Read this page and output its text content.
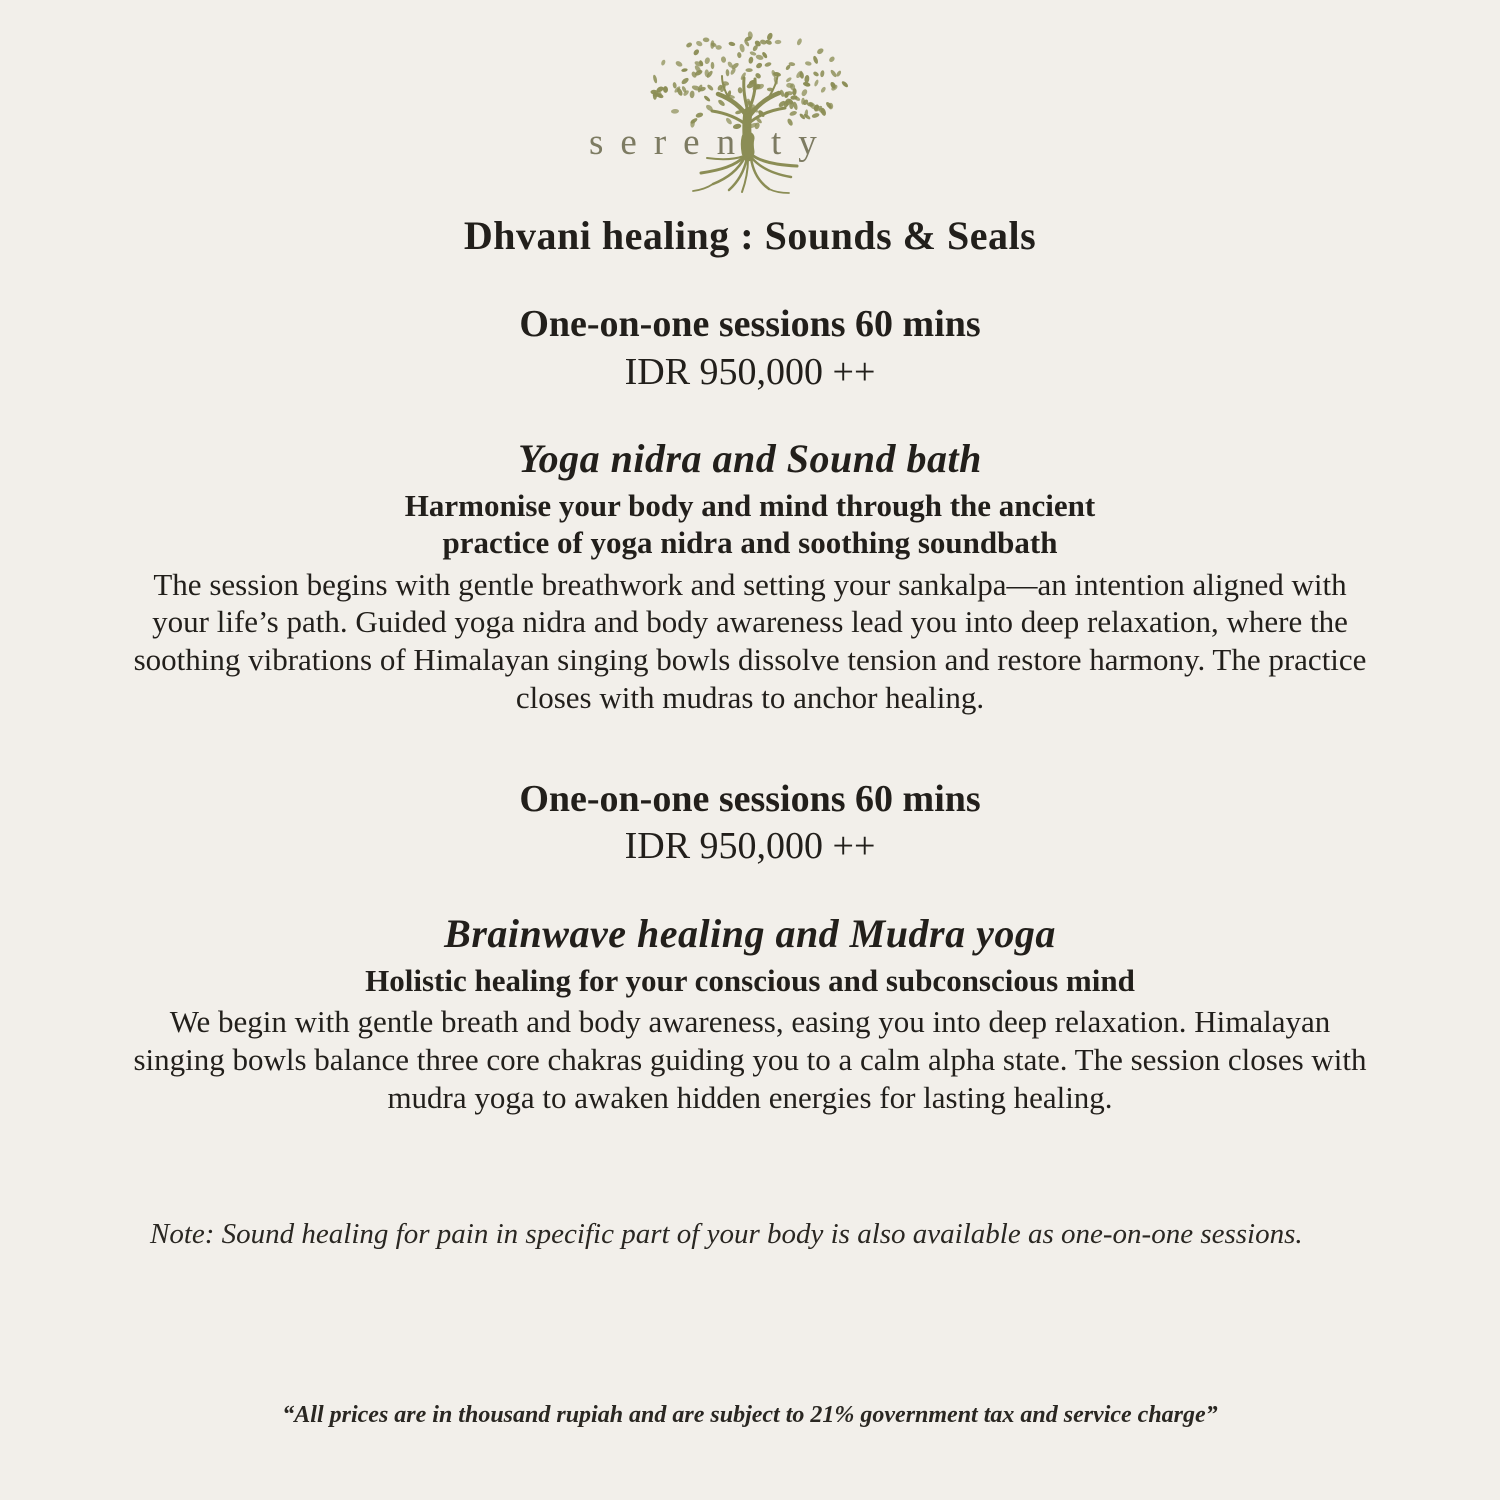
seren ty
Dhvani healing : Sounds & Seals
One-on-one sessions 60 mins
IDR 950,000 ++
Yoga nidra and Sound bath
Harmonise your body and mind through the ancient
practice of yoga nidra and soothing soundbath

The session begins with gentle breathwork and setting your sankalpa—an intention aligned with your life’s path. Guided yoga nidra and body awareness lead you into deep relaxation, where the soothing vibrations of Himalayan singing bowls dissolve tension and restore harmony. The practice closes with mudras to anchor healing.

One-on-one sessions 60 mins
IDR 950,000 ++
Brainwave healing and Mudra yoga
Holistic healing for your conscious and subconscious mind

We begin with gentle breath and body awareness, easing you into deep relaxation. Himalayan singing bowls balance three core chakras guiding you to a calm alpha state. The session closes with mudra yoga to awaken hidden energies for lasting healing.

Note: Sound healing for pain in specific part of your body is also available as one-on-one sessions.

“All prices are in thousand rupiah and are subject to 21% government tax and service charge”
